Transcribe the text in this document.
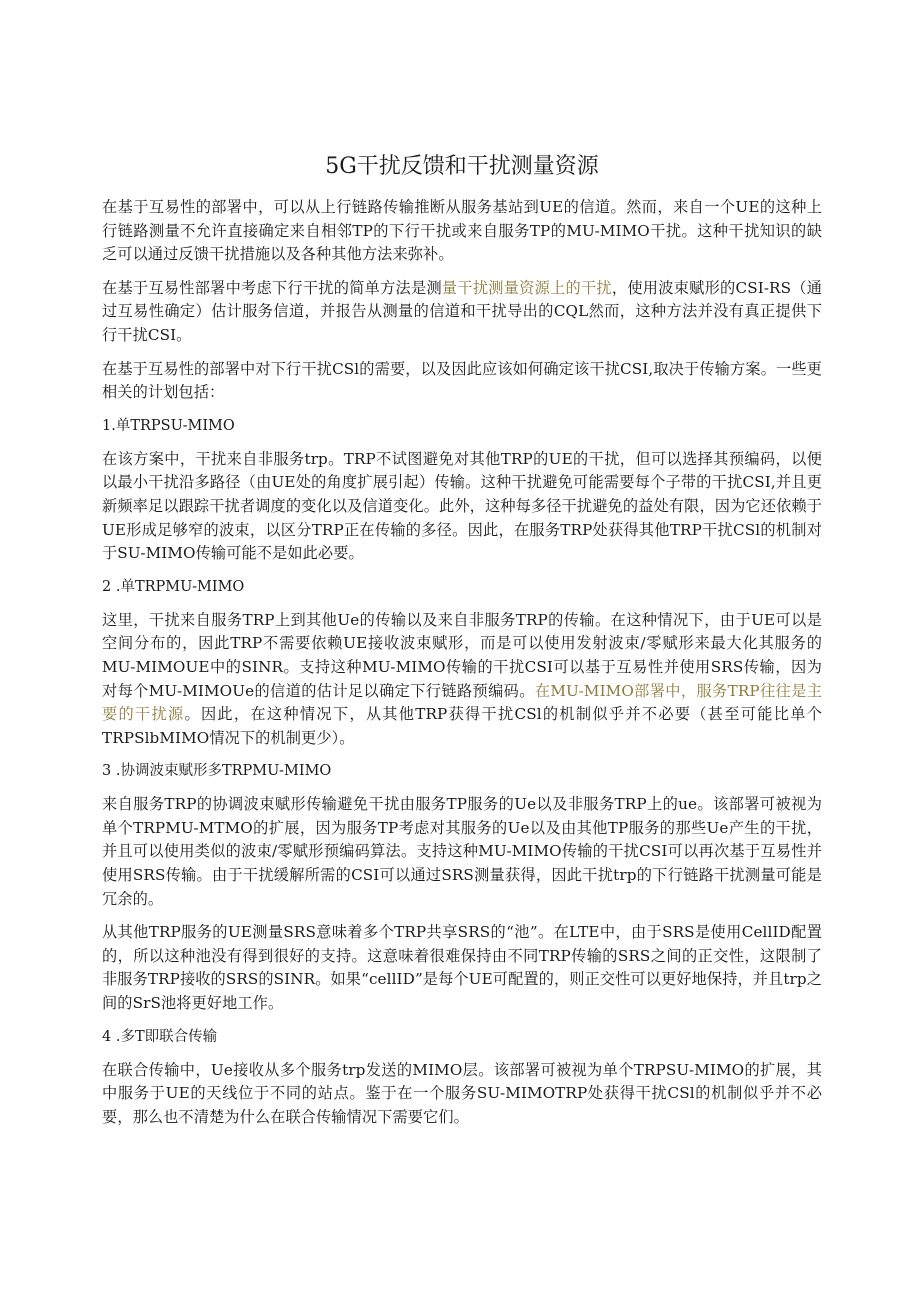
5G干扰反馈和干扰测量资源

在基于互易性的部署中，可以从上行链路传输推断从服务基站到UE的信道。然而，来自一个UE的这种上行链路测量不允许直接确定来自相邻TP的下行干扰或来自服务TP的MU-MIMO干扰。这种干扰知识的缺乏可以通过反馈干扰措施以及各种其他方法来弥补。

在基于互易性部署中考虑下行干扰的简单方法是测量干扰测量资源上的干扰，使用波束赋形的CSI-RS（通过互易性确定）估计服务信道，并报告从测量的信道和干扰导出的CQL然而，这种方法并没有真正提供下行干扰CSI。

在基于互易性的部署中对下行干扰CSl的需要，以及因此应该如何确定该干扰CSI,取决于传输方案。一些更相关的计划包括：

1.单TRPSU-MIMO

在该方案中，干扰来自非服务trp。TRP不试图避免对其他TRP的UE的干扰，但可以选择其预编码，以便以最小干扰沿多路径（由UE处的角度扩展引起）传输。这种干扰避免可能需要每个子带的干扰CSI,并且更新频率足以跟踪干扰者调度的变化以及信道变化。此外，这种每多径干扰避免的益处有限，因为它还依赖于UE形成足够窄的波束，以区分TRP正在传输的多径。因此，在服务TRP处获得其他TRP干扰CSl的机制对于SU-MIMO传输可能不是如此必要。

2 .单TRPMU-MIMO

这里，干扰来自服务TRP上到其他Ue的传输以及来自非服务TRP的传输。在这种情况下，由于UE可以是空间分布的，因此TRP不需要依赖UE接收波束赋形，而是可以使用发射波束/零赋形来最大化其服务的MU-MIMOUE中的SINR。支持这种MU-MIMO传输的干扰CSI可以基于互易性并使用SRS传输，因为对每个MU-MIMOUe的信道的估计足以确定下行链路预编码。在MU-MIMO部署中，服务TRP往往是主要的干扰源。因此，在这种情况下，从其他TRP获得干扰CSl的机制似乎并不必要（甚至可能比单个TRPSlbMIMO情况下的机制更少）。

3 .协调波束赋形多TRPMU-MIMO

来自服务TRP的协调波束赋形传输避免干扰由服务TP服务的Ue以及非服务TRP上的ue。该部署可被视为单个TRPMU-MTMO的扩展，因为服务TP考虑对其服务的Ue以及由其他TP服务的那些Ue产生的干扰，并且可以使用类似的波束/零赋形预编码算法。支持这种MU-MIMO传输的干扰CSI可以再次基于互易性并使用SRS传输。由于干扰缓解所需的CSI可以通过SRS测量获得，因此干扰trp的下行链路干扰测量可能是冗余的。

从其他TRP服务的UE测量SRS意味着多个TRP共享SRS的“池”。在LTE中，由于SRS是使用CellID配置的，所以这种池没有得到很好的支持。这意味着很难保持由不同TRP传输的SRS之间的正交性，这限制了非服务TRP接收的SRS的SINR。如果“cellID”是每个UE可配置的，则正交性可以更好地保持，并且trp之间的SrS池将更好地工作。

4 .多T即联合传输

在联合传输中，Ue接收从多个服务trp发送的MIMO层。该部署可被视为单个TRPSU-MIMO的扩展，其中服务于UE的天线位于不同的站点。鉴于在一个服务SU-MIMOTRP处获得干扰CSl的机制似乎并不必要，那么也不清楚为什么在联合传输情况下需要它们。
